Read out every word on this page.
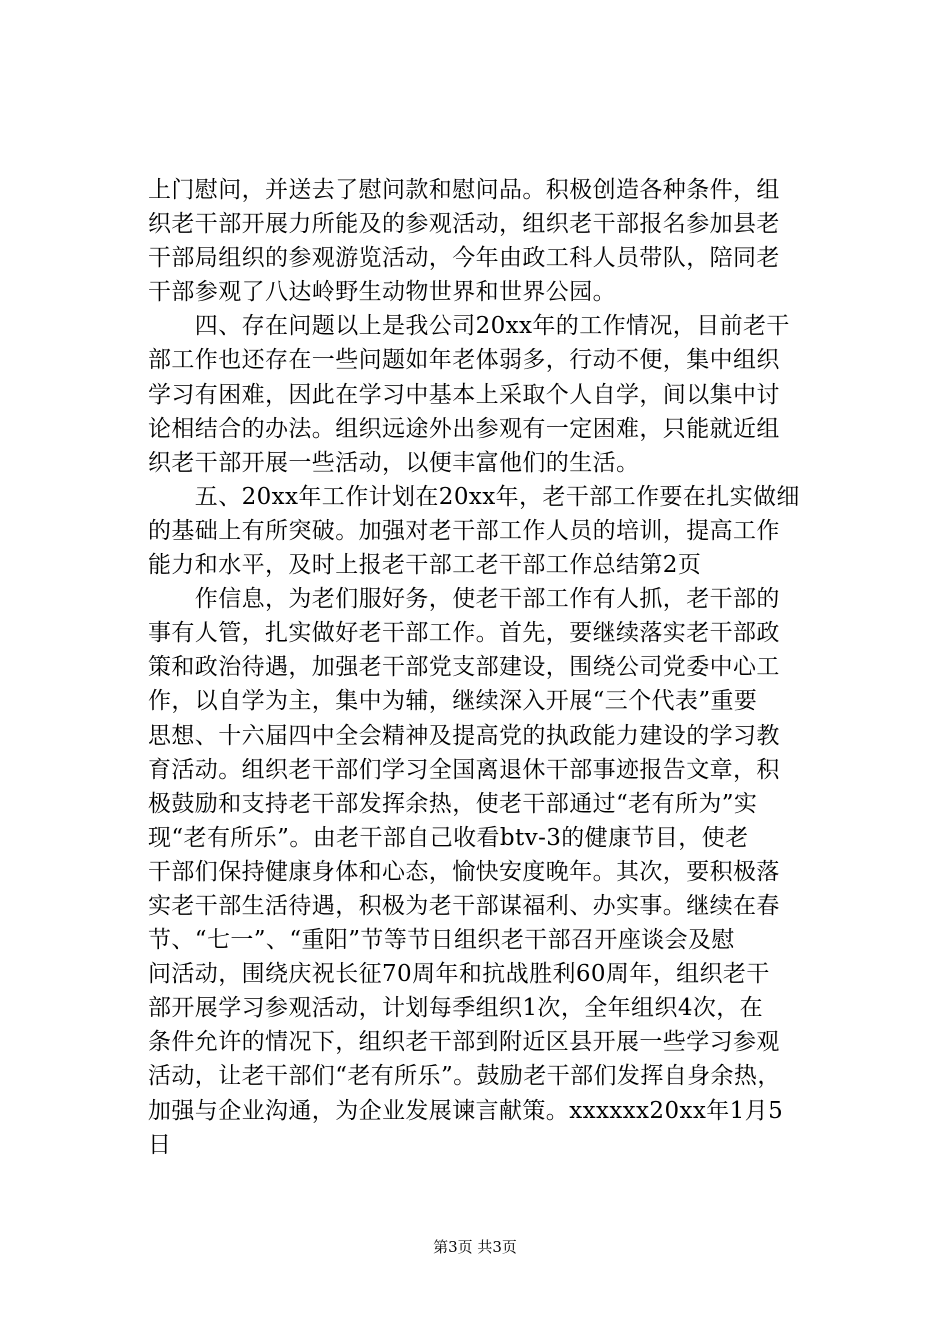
上门慰问，并送去了慰问款和慰问品。积极创造各种条件，组
织老干部开展力所能及的参观活动，组织老干部报名参加县老
干部局组织的参观游览活动，今年由政工科人员带队，陪同老
干部参观了八达岭野生动物世界和世界公园。
　　四、存在问题以上是我公司20xx年的工作情况，目前老干
部工作也还存在一些问题如年老体弱多，行动不便，集中组织
学习有困难，因此在学习中基本上采取个人自学，间以集中讨
论相结合的办法。组织远途外出参观有一定困难，只能就近组
织老干部开展一些活动，以便丰富他们的生活。
　　五、20xx年工作计划在20xx年，老干部工作要在扎实做细
的基础上有所突破。加强对老干部工作人员的培训，提高工作
能力和水平，及时上报老干部工老干部工作总结第2页
　　作信息，为老们服好务，使老干部工作有人抓，老干部的
事有人管，扎实做好老干部工作。首先，要继续落实老干部政
策和政治待遇，加强老干部党支部建设，围绕公司党委中心工
作，以自学为主，集中为辅，继续深入开展“三个代表”重要
思想、十六届四中全会精神及提高党的执政能力建设的学习教
育活动。组织老干部们学习全国离退休干部事迹报告文章，积
极鼓励和支持老干部发挥余热，使老干部通过“老有所为”实
现“老有所乐”。由老干部自己收看btv-3的健康节目，使老
干部们保持健康身体和心态，愉快安度晚年。其次，要积极落
实老干部生活待遇，积极为老干部谋福利、办实事。继续在春
节、“七一”、“重阳”节等节日组织老干部召开座谈会及慰
问活动，围绕庆祝长征70周年和抗战胜利60周年，组织老干
部开展学习参观活动，计划每季组织1次，全年组织4次，在
条件允许的情况下，组织老干部到附近区县开展一些学习参观
活动，让老干部们“老有所乐”。鼓励老干部们发挥自身余热，
加强与企业沟通，为企业发展谏言献策。xxxxxx20xx年1月5
日
第3页 共3页
